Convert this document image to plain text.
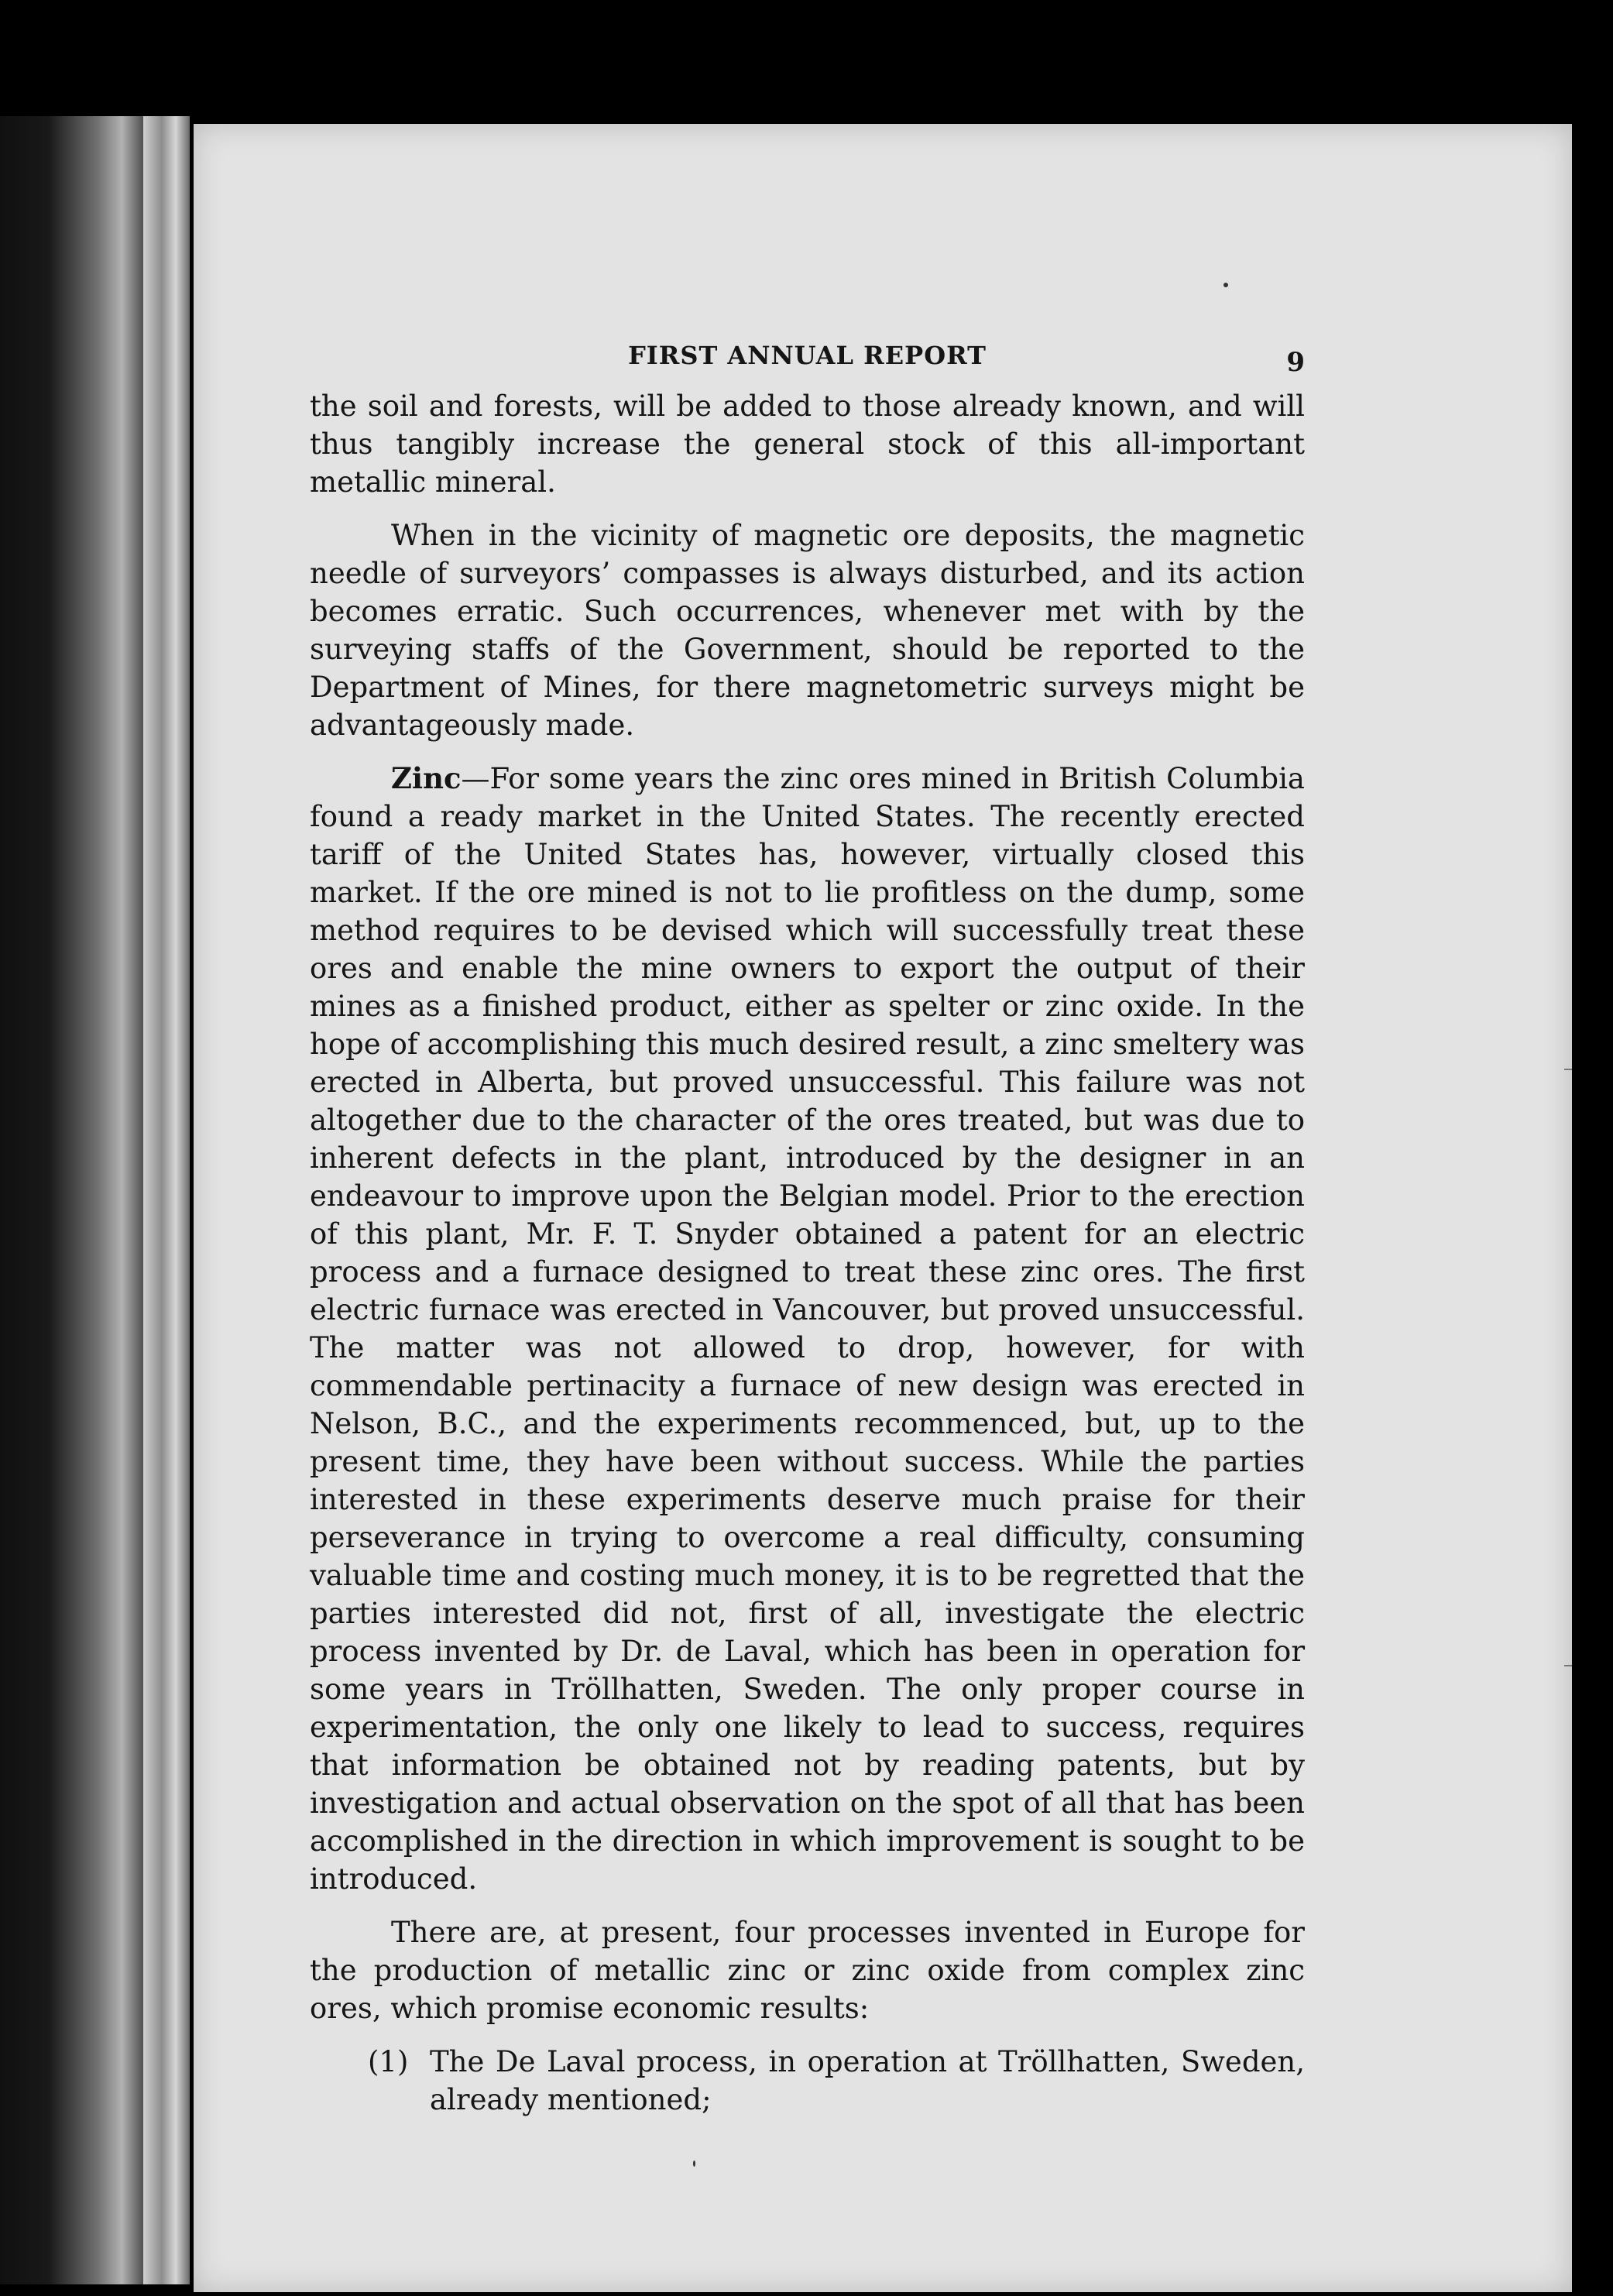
FIRST ANNUAL REPORT	9

the soil and forests, will be added to those already known, and will thus tangibly increase the general stock of this all-important metallic mineral.

When in the vicinity of magnetic ore deposits, the magnetic needle of surveyors’ compasses is always disturbed, and its action becomes erratic. Such occurrences, whenever met with by the surveying staffs of the Government, should be reported to the Department of Mines, for there magnetometric surveys might be advantageously made.

Zinc—For some years the zinc ores mined in British Columbia found a ready market in the United States. The recently erected tariff of the United States has, however, virtually closed this market. If the ore mined is not to lie profitless on the dump, some method requires to be devised which will successfully treat these ores and enable the mine owners to export the output of their mines as a finished product, either as spelter or zinc oxide. In the hope of accomplishing this much desired result, a zinc smeltery was erected in Alberta, but proved unsuccessful. This failure was not altogether due to the character of the ores treated, but was due to inherent defects in the plant, introduced by the designer in an endeavour to improve upon the Belgian model. Prior to the erection of this plant, Mr. F. T. Snyder obtained a patent for an electric process and a furnace designed to treat these zinc ores. The first electric furnace was erected in Vancouver, but proved unsuccessful. The matter was not allowed to drop, however, for with commendable pertinacity a furnace of new design was erected in Nelson, B.C., and the experiments recommenced, but, up to the present time, they have been without success. While the parties interested in these experiments deserve much praise for their perseverance in trying to overcome a real difficulty, consuming valuable time and costing much money, it is to be regretted that the parties interested did not, first of all, investigate the electric process invented by Dr. de Laval, which has been in operation for some years in Tröllhatten, Sweden. The only proper course in experimentation, the only one likely to lead to success, requires that information be obtained not by reading patents, but by investigation and actual observation on the spot of all that has been accomplished in the direction in which improvement is sought to be introduced.

There are, at present, four processes invented in Europe for the production of metallic zinc or zinc oxide from complex zinc ores, which promise economic results:

(1) The De Laval process, in operation at Tröllhatten, Sweden, already mentioned;
